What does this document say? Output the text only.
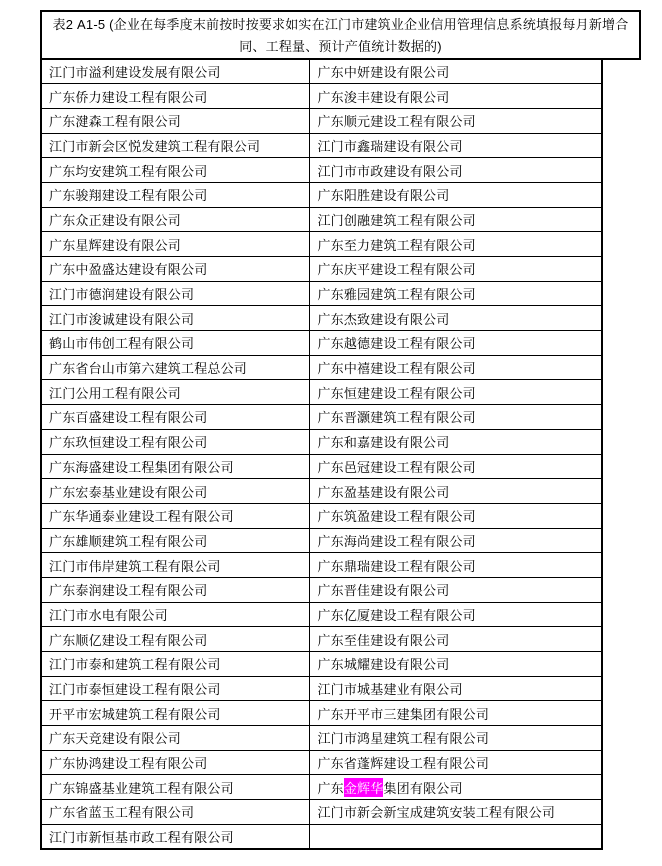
表2 A1-5 (企业在每季度末前按时按要求如实在江门市建筑业企业信用管理信息系统填报每月新增合
同、工程量、预计产值统计数据的)
江门市溢利建设发展有限公司	广东中妍建设有限公司
广东侨力建设工程有限公司	广东浚丰建设有限公司
广东湕森工程有限公司	广东顺元建设工程有限公司
江门市新会区悦发建筑工程有限公司	江门市鑫瑞建设有限公司
广东均安建筑工程有限公司	江门市市政建设有限公司
广东骏翔建设工程有限公司	广东阳胜建设有限公司
广东众正建设有限公司	江门创融建筑工程有限公司
广东星辉建设有限公司	广东至力建筑工程有限公司
广东中盈盛达建设有限公司	广东庆平建设工程有限公司
江门市德润建设有限公司	广东雅园建筑工程有限公司
江门市浚诚建设有限公司	广东杰致建设有限公司
鹤山市伟创工程有限公司	广东越德建设工程有限公司
广东省台山市第六建筑工程总公司	广东中禧建设工程有限公司
江门公用工程有限公司	广东恒建建设工程有限公司
广东百盛建设工程有限公司	广东晋灏建筑工程有限公司
广东玖恒建设工程有限公司	广东和嘉建设有限公司
广东海盛建设工程集团有限公司	广东邑冠建设工程有限公司
广东宏泰基业建设有限公司	广东盈基建设有限公司
广东华通泰业建设工程有限公司	广东筑盈建设工程有限公司
广东雄顺建筑工程有限公司	广东海尚建设工程有限公司
江门市伟岸建筑工程有限公司	广东鼎瑞建设工程有限公司
广东泰润建设工程有限公司	广东晋佳建设有限公司
江门市水电有限公司	广东亿厦建设工程有限公司
广东顺亿建设工程有限公司	广东至佳建设有限公司
江门市泰和建筑工程有限公司	广东城耀建设有限公司
江门市泰恒建设工程有限公司	江门市城基建业有限公司
开平市宏城建筑工程有限公司	广东开平市三建集团有限公司
广东天竞建设有限公司	江门市鸿星建筑工程有限公司
广东协鸿建设工程有限公司	广东省蓬辉建设工程有限公司
广东锦盛基业建筑工程有限公司	广东金辉华集团有限公司
广东省蓝玉工程有限公司	江门市新会新宝成建筑安装工程有限公司
江门市新恒基市政工程有限公司	
